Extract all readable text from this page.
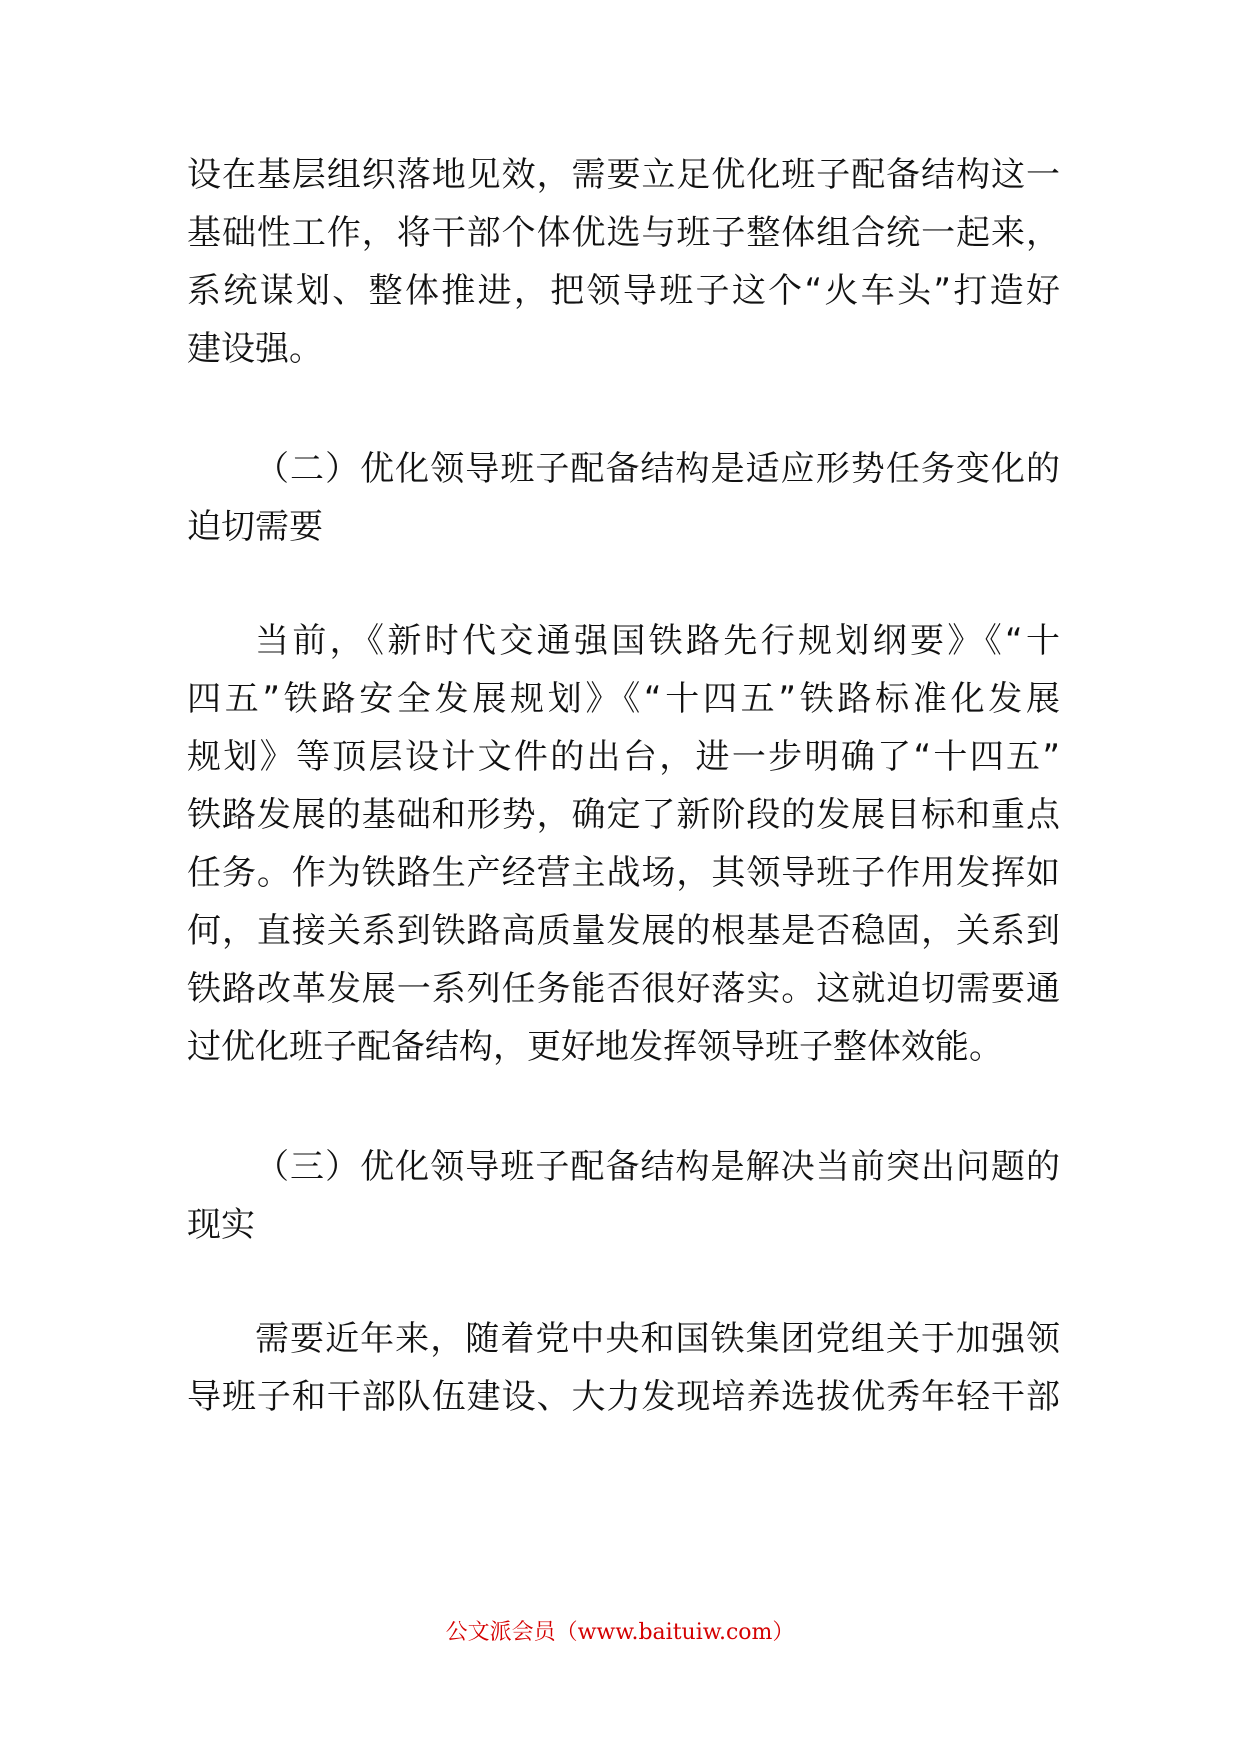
设在基层组织落地见效，需要立足优化班子配备结构这一

基础性工作，将干部个体优选与班子整体组合统一起来，

系统谋划、整体推进，把领导班子这个“火车头”打造好

建设强。

（二）优化领导班子配备结构是适应形势任务变化的

迫切需要

当前，《新时代交通强国铁路先行规划纲要》《“十

四五”铁路安全发展规划》《“十四五”铁路标准化发展

规划》等顶层设计文件的出台，进一步明确了“十四五”

铁路发展的基础和形势，确定了新阶段的发展目标和重点

任务。作为铁路生产经营主战场，其领导班子作用发挥如

何，直接关系到铁路高质量发展的根基是否稳固，关系到

铁路改革发展一系列任务能否很好落实。这就迫切需要通

过优化班子配备结构，更好地发挥领导班子整体效能。

（三）优化领导班子配备结构是解决当前突出问题的

现实

需要近年来，随着党中央和国铁集团党组关于加强领

导班子和干部队伍建设、大力发现培养选拔优秀年轻干部

公文派会员（www.baituiw.com）
